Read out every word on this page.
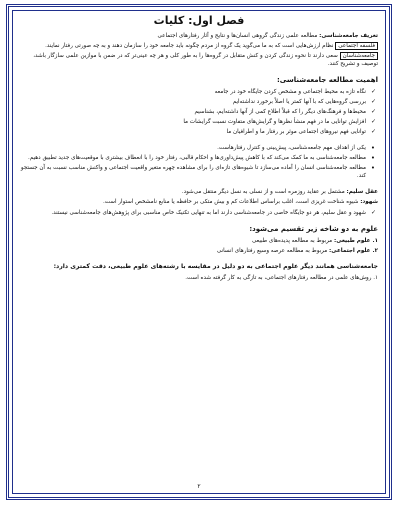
فصل اول: کلیات
تعریف جامعه‌شناسی: مطالعه علمی زندگی گروهی انسان‌ها و نتایج و آثار رفتارهای اجتماعی
فلسفه اجتماعی نظام ارزش‌هایی است که به ما می‌گوید یک گروه از مردم چگونه باید جامعه خود را سازمان دهند و به چه صورتی رفتار نمایند.
جامعه‌شناسان سعی دارند تا نحوه زندگی کردن و کنش متقابل در گروه‌ها را به طور کلی و هر چه عینی‌تر که در ضمن با موازین علمی سازگار باشد، توصیف و تشریح کنند.
اهمیت مطالعه جامعه‌شناسی:
✓ نگاه تازه به محیط اجتماعی و مشخص کردن جایگاه خود در جامعه
✓ بررسی گروه‌هایی که با آنها کمتر یا اصلاً برخورد نداشته‌ایم
✓ محیط‌ها و فرهنگ‌های دیگر را که قبلاً اطلاع کمی از آنها داشته‌ایم، بشناسیم
✓ افزایش توانایی ما در فهم منشأ نظرها و گرایش‌های متفاوت نسبت گرایشات ما
✓ توانایی فهم نیروهای اجتماعی موثر بر رفتار ما و اطرافیان ما
• یکی از اهداف مهم جامعه‌شناسی، پیش‌بینی و کنترل رفتارهاست.
• مطالعه جامعه‌شناسی به ما کمک می‌کند که با کاهش پیش‌داوری‌ها و احکام قالبی، رفتار خود را با انعطاف بیشتری با موقعیت‌های جدید تطبیق دهیم.
• مطالعه جامعه‌شناسی انسان را آماده می‌سازد تا شیوه‌های تازه‌ای را برای مشاهده چهره متغیر واقعیت اجتماعی و واکنش مناسب نسبت به آن جستجو کند.
عقل سلیم: مشتمل بر عقاید روزمره است و از نسلی به نسل دیگر منتقل می‌شود.
شهود: شیوه شناخت غریزی است، اغلب براساس اطلاعات کم و بیش متکی بر حافظه یا منابع نامشخص استوار است.
✓ شهود و عقل سلیم، هر دو جایگاه خاصی در جامعه‌شناسی دارند اما به تنهایی تکنیک خاص مناسبی برای پژوهش‌های جامعه‌شناسی نیستند.
علوم به دو شاخه زیر تقسیم می‌شود:
۱. علوم طبیعی: مربوط به مطالعه پدیده‌های طبیعی
۲. علوم اجتماعی: مربوط به مطالعه عرصه وسیع رفتارهای انسانی
جامعه‌شناسی همانند دیگر علوم اجتماعی به دو دلیل در مقایسه با رشته‌های علوم طبیعی، دقت کمتری دارد:
۱. روش‌های علمی در مطالعه رفتارهای اجتماعی، به تازگی به کار گرفته شده است.
۲
